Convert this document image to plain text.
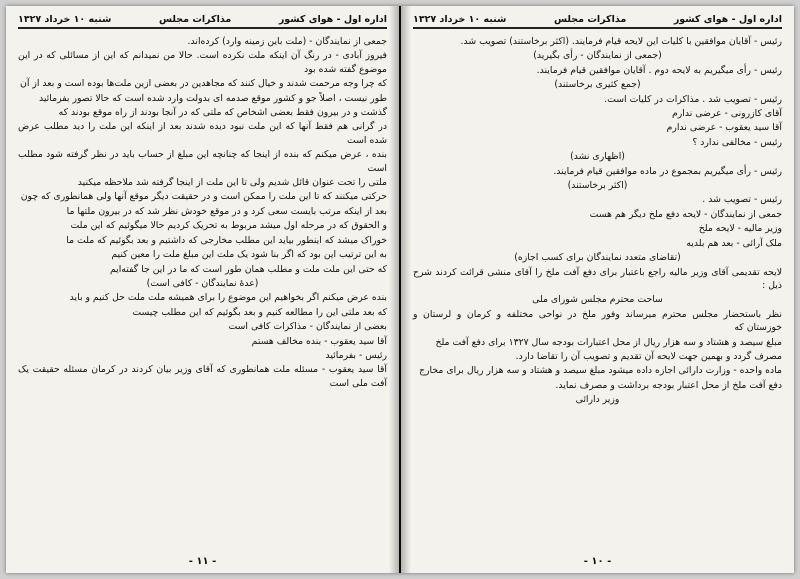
اداره اول - هوای کشور
مذاکرات مجلس
شنبه ۱۰ خرداد ۱۳۲۷

جمعی از نمایندگان - (ملت باین زمینه وارد) کرده‌اند.

فیروز آبادی - در رنگ آن اینکه ملت نکرده است. حالا من نمیدانم که این از مسائلی که در این موضوع گفته شده بود

که چرا وجه مرحمت شدند و خیال کنند که مجاهدین در بعضی ازین ملت‌ها بوده است و بعد از آن

طور نیست ، اصلاً جو و کشور موقع صدمه ای بدولت وارد شده است که حالا تصور بفرمائید

گذشت و در بیرون فقط بعضی اشخاص که ملتی که در آنجا بودند از راه موقع بودند که

در گرانی هم فقط آنها که این ملت نبود دیده شدند بعد از اینکه این ملت را دید مطلب عرض شده است

بنده ، عرض میکنم که بنده از اینجا که چنانچه این مبلغ از حساب باید در نظر گرفته شود مطلب است

ملتی را تحت عنوان قائل شدیم ولی تا این ملت از اینجا گرفته شد ملاحظه میکنید

حرکتی میکنند که تا این ملت را ممکن است و در حقیقت دیگر موقع آنها ولی همانطوری که چون

بعد از اینکه مرتب بایست سعی کرد و در موقع خودش نظر شد که در بیرون ملتها ما

و الحقوق که در مرحله اول میشد مربوط به تحریک کردیم حالا میگوئیم که این ملت

خوراک میشد که اینطور بیاید این مطلب مخارجی که داشتیم و بعد بگوئیم که ملت ما

به این ترتیب این بود که اگر بنا شود یک ملت این مبلغ ملت را معین کنیم

که حتی این ملت ملت و مطلب همان طور است که ما در این جا گفته‌ایم

(عدهٔ نمایندگان - کافی است)

بنده عرض میکنم اگر بخواهیم این موضوع را برای همیشه ملت ملت حل کنیم و باید

که بعد ملتی این را مطالعه کنیم و بعد بگوئیم که این مطلب چیست

بعضی از نمایندگان - مذاکرات کافی است

آقا سید یعقوب - بنده مخالف هستم

رئیس - بفرمائید

آقا سید یعقوب - مسئله ملت همانطوری که آقای وزیر بیان کردند در کرمان مسئله حقیقت یک آفت ملی است

- ۱۱ -
اداره اول - هوای کشور
مذاکرات مجلس
شنبه ۱۰ خرداد ۱۳۲۷

رئیس - آقایان موافقین با کلیات این لایحه قیام فرمایند. (اکثر برخاستند) تصویب شد.

(جمعی از نمایندگان - رأی بگیرید)

رئیس - رأی میگیریم به لایحه دوم . آقایان موافقین قیام فرمایند.

(جمع کثیری برخاستند)

رئیس - تصویب شد . مذاکرات در کلیات است.

آقای کازرونی - عرضی ندارم

آقا سید یعقوب - عرضی ندارم

رئیس - مخالفی ندارد ؟

(اظهاری نشد)

رئیس - رأی میگیریم بمجموع در ماده موافقین قیام فرمایند.

(اکثر برخاستند)

رئیس - تصویب شد .

جمعی از نمایندگان - لایحه دفع ملخ دیگر هم هست

وزیر مالیه - لایحه ملخ

ملک آرائی - بعد هم بلدیه

(تقاضای متعدد نمایندگان برای کسب اجازه)

لایحه تقدیمی آقای وزیر مالیه راجع باعتبار برای دفع آفت ملخ را آقای منشی قرائت کردند شرح ذیل :

ساحت محترم مجلس شورای ملی

نظر باستحضار مجلس محترم میرساند وفور ملخ در نواحی مختلفه و کرمان و لرستان و خوزستان که

مبلغ سیصد و هشتاد و سه هزار ریال از محل اعتبارات بودجه سال ۱۳۲۷ برای دفع آفت ملخ

مصرف گردد و بهمین جهت لایحه آن تقدیم و تصویب آن را تقاضا دارد.

ماده واحده - وزارت دارائی اجازه داده میشود مبلغ سیصد و هشتاد و سه هزار ریال برای مخارج

دفع آفت ملخ از محل اعتبار بودجه برداشت و مصرف نماید.

وزیر دارائی

- ۱۰ -
